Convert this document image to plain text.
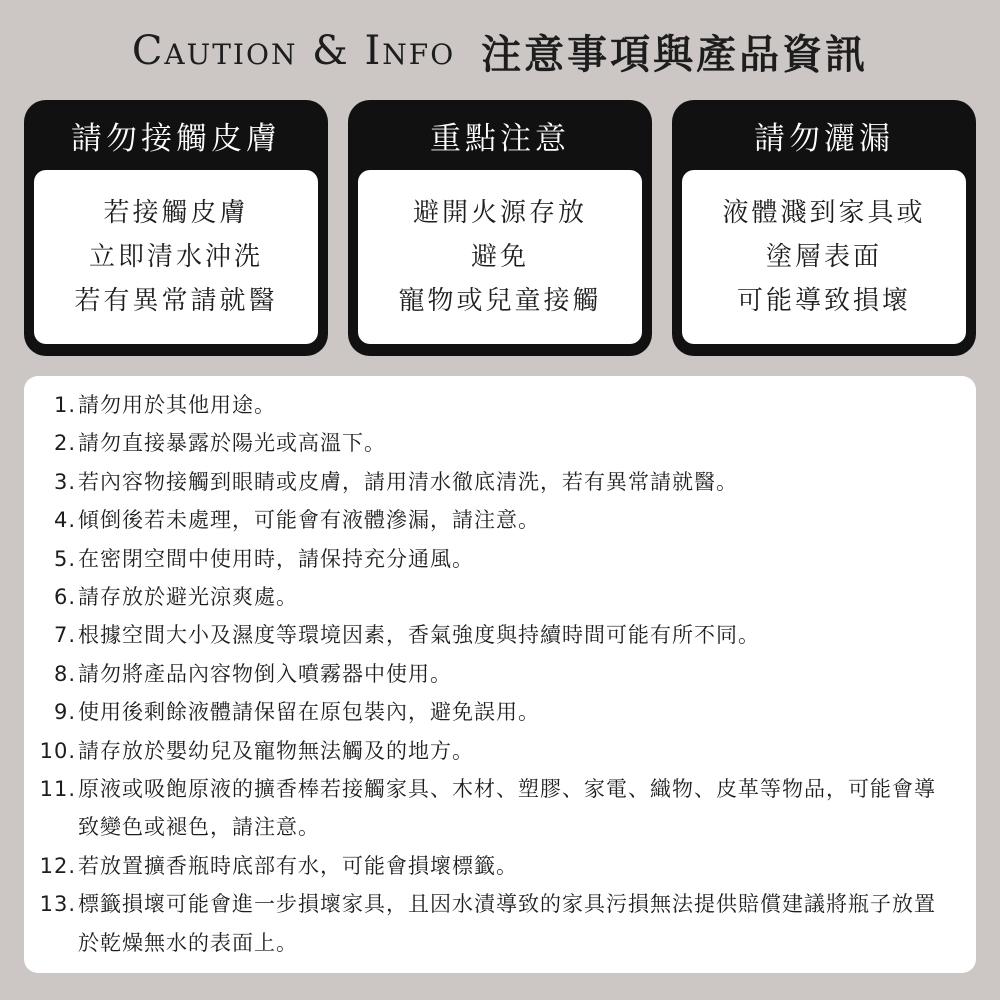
Caution & Info 注意事項與產品資訊
請勿接觸皮膚
若接觸皮膚
立即清水沖洗
若有異常請就醫
重點注意
避開火源存放
避免
寵物或兒童接觸
請勿灑漏
液體濺到家具或
塗層表面
可能導致損壞
1. 請勿用於其他用途。
2. 請勿直接暴露於陽光或高溫下。
3. 若內容物接觸到眼睛或皮膚，請用清水徹底清洗，若有異常請就醫。
4. 傾倒後若未處理，可能會有液體滲漏，請注意。
5. 在密閉空間中使用時，請保持充分通風。
6. 請存放於避光涼爽處。
7. 根據空間大小及濕度等環境因素，香氣強度與持續時間可能有所不同。
8. 請勿將產品內容物倒入噴霧器中使用。
9. 使用後剩餘液體請保留在原包裝內，避免誤用。
10. 請存放於嬰幼兒及寵物無法觸及的地方。
11. 原液或吸飽原液的擴香棒若接觸家具、木材、塑膠、家電、織物、皮革等物品，可能會導致變色或褪色，請注意。
12. 若放置擴香瓶時底部有水，可能會損壞標籤。
13. 標籤損壞可能會進一步損壞家具，且因水漬導致的家具污損無法提供賠償建議將瓶子放置於乾燥無水的表面上。
